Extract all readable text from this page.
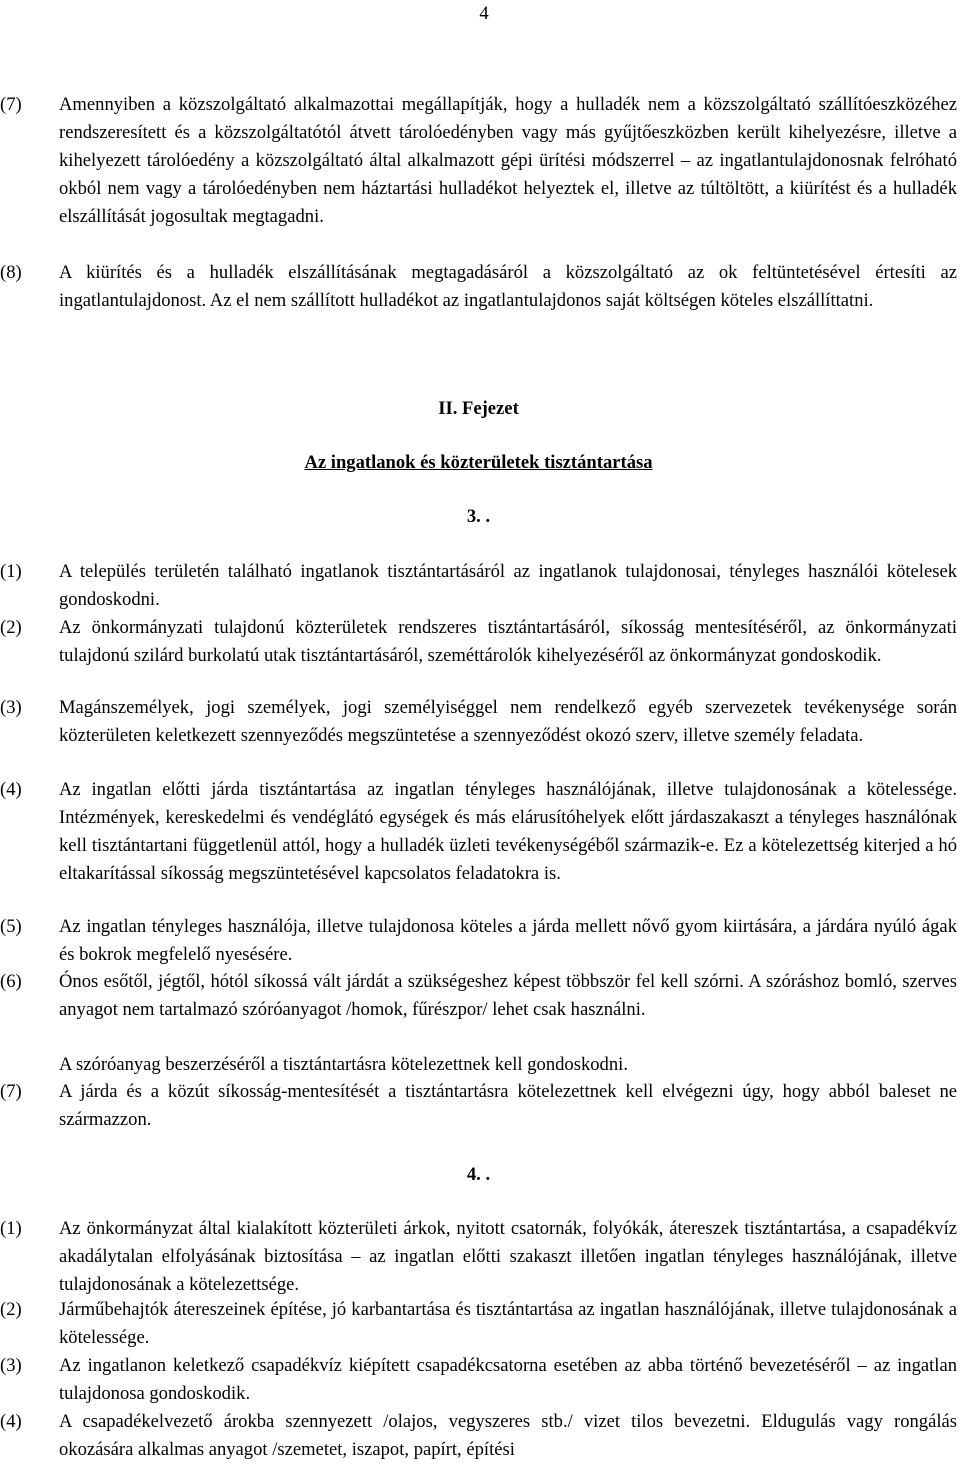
4
(7)	Amennyiben a közszolgáltató alkalmazottai megállapítják, hogy a hulladék nem a közszolgáltató szállítóeszközéhez rendszeresített és a közszolgáltatótól átvett tárolóedényben vagy más gyűjtőeszközben került kihelyezésre, illetve a kihelyezett tárolóedény a közszolgáltató által alkalmazott gépi ürítési módszerrel – az ingatlantulajdonosnak felróható okból nem vagy a tárolóedényben nem háztartási hulladékot helyeztek el, illetve az túltöltött, a kiürítést és a hulladék elszállítását jogosultak megtagadni.
(8)	A kiürítés és a hulladék elszállításának megtagadásáról a közszolgáltató az ok feltüntetésével értesíti az ingatlantulajdonost. Az el nem szállított hulladékot az ingatlantulajdonos saját költségen köteles elszállíttatni.
II. Fejezet
Az ingatlanok és közterületek tisztántartása
3. .
(1)	A település területén található ingatlanok tisztántartásáról az ingatlanok tulajdonosai, tényleges használói kötelesek gondoskodni.
(2)	Az önkormányzati tulajdonú közterületek rendszeres tisztántartásáról, síkosság mentesítéséről, az önkormányzati tulajdonú szilárd burkolatú utak tisztántartásáról, szeméttárolók kihelyezéséről az önkormányzat gondoskodik.
(3)	Magánszemélyek, jogi személyek, jogi személyiséggel nem rendelkező egyéb szervezetek tevékenysége során közterületen keletkezett szennyeződés megszüntetése a szennyeződést okozó szerv, illetve személy feladata.
(4)	Az ingatlan előtti járda tisztántartása az ingatlan tényleges használójának, illetve tulajdonosának a kötelessége. Intézmények, kereskedelmi és vendéglátó egységek és más elárusítóhelyek előtt járdaszakaszt a tényleges használónak kell tisztántartani függetlenül attól, hogy a hulladék üzleti tevékenységéből származik-e. Ez a kötelezettség kiterjed a hó eltakarítással síkosság megszüntetésével kapcsolatos feladatokra is.
(5)	Az ingatlan tényleges használója, illetve tulajdonosa köteles a járda mellett nővő gyom kiirtására, a járdára nyúló ágak és bokrok megfelelő nyesésére.
(6)	Ónos esőtől, jégtől, hótól síkossá vált járdát a szükségeshez képest többször fel kell szórni. A szóráshoz bomló, szerves anyagot nem tartalmazó szóróanyagot /homok, fűrészpor/ lehet csak használni.
A szóróanyag beszerzéséről a tisztántartásra kötelezettnek kell gondoskodni.
(7)	A járda és a közút síkosság-mentesítését a tisztántartásra kötelezettnek kell elvégezni úgy, hogy abból baleset ne származzon.
4. .
(1)	Az önkormányzat által kialakított közterületi árkok, nyitott csatornák, folyókák, átereszek tisztántartása, a csapadékvíz akadálytalan elfolyásának biztosítása – az ingatlan előtti szakaszt illetően ingatlan tényleges használójának, illetve tulajdonosának a kötelezettsége.
(2)	Járműbehajtók átereszeinek építése, jó karbantartása és tisztántartása az ingatlan használójának, illetve tulajdonosának a kötelessége.
(3)	Az ingatlanon keletkező csapadékvíz kiépített csapadékcsatorna esetében az abba történő bevezetéséről – az ingatlan tulajdonosa gondoskodik.
(4)	A csapadékelvezető árokba szennyezett /olajos, vegyszeres stb./ vizet tilos bevezetni. Eldugulás vagy rongálás okozására alkalmas anyagot /szemetet, iszapot, papírt, építési
